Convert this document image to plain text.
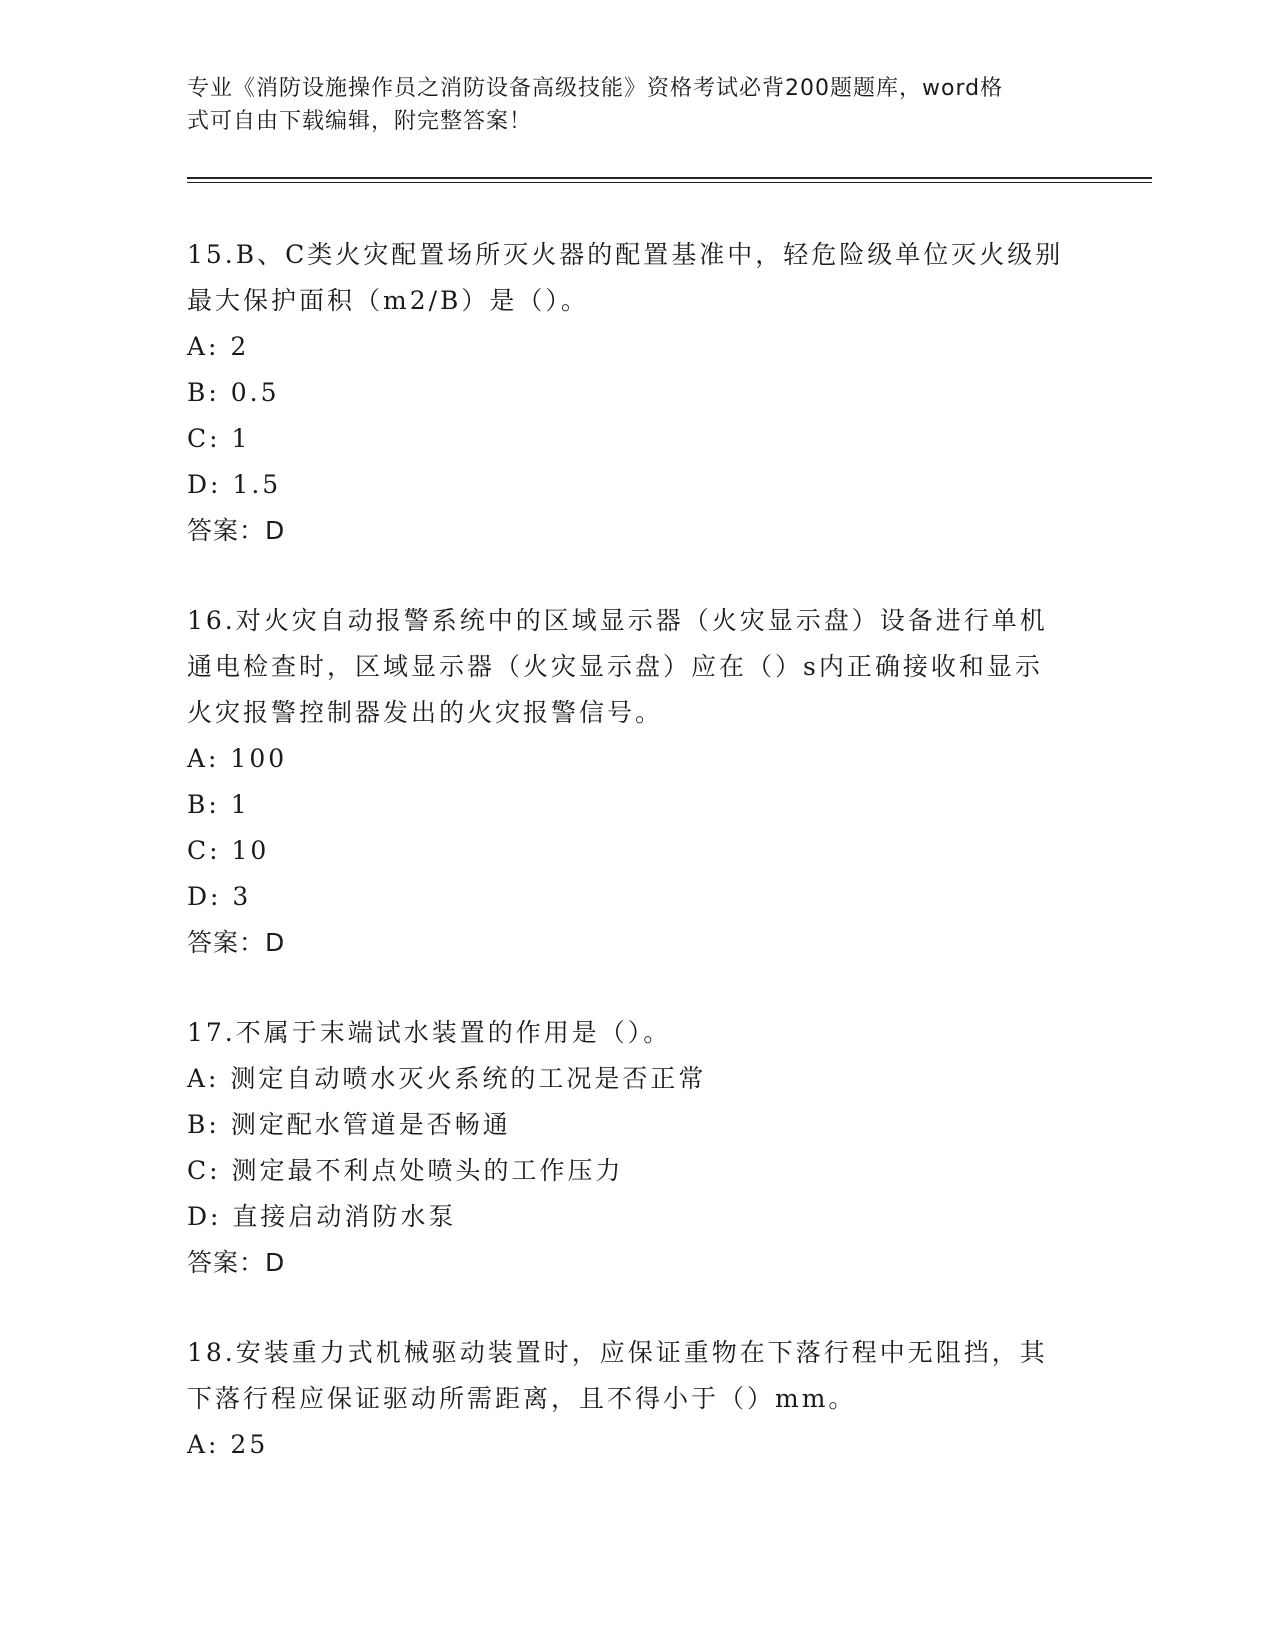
专业《消防设施操作员之消防设备高级技能》资格考试必背200题题库，word格
式可自由下载编辑，附完整答案！
15.B、C类火灾配置场所灭火器的配置基准中，轻危险级单位灭火级别
最大保护面积（m2/B）是（）。
A: 2
B: 0.5
C: 1
D: 1.5
答案：D
16.对火灾自动报警系统中的区域显示器（火灾显示盘）设备进行单机
通电检查时，区域显示器（火灾显示盘）应在（）s内正确接收和显示
火灾报警控制器发出的火灾报警信号。
A: 100
B: 1
C: 10
D: 3
答案：D
17.不属于末端试水装置的作用是（）。
A: 测定自动喷水灭火系统的工况是否正常
B: 测定配水管道是否畅通
C: 测定最不利点处喷头的工作压力
D: 直接启动消防水泵
答案：D
18.安装重力式机械驱动装置时，应保证重物在下落行程中无阻挡，其
下落行程应保证驱动所需距离，且不得小于（）mm。
A: 25
